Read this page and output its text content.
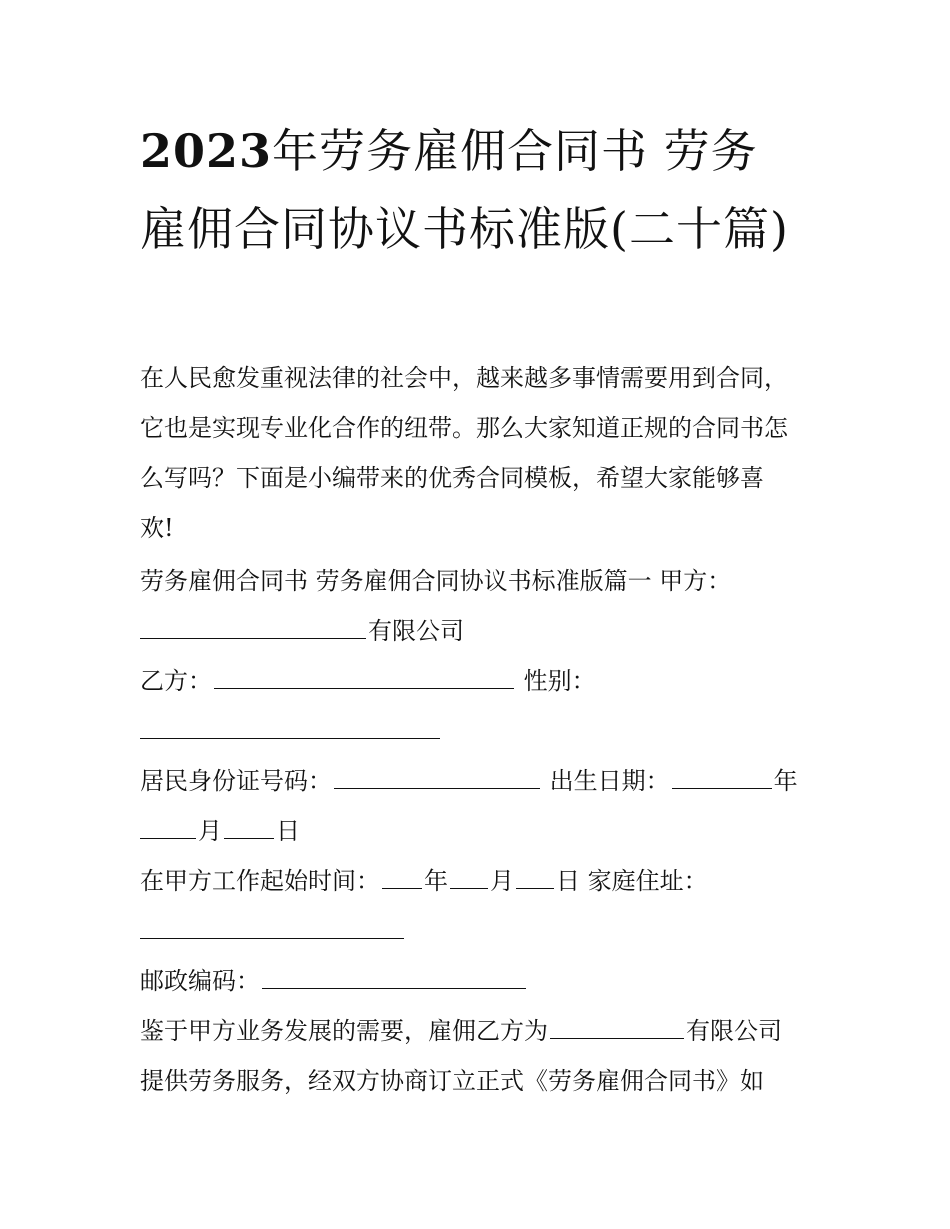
2023年劳务雇佣合同书 劳务雇佣合同协议书标准版(二十篇)

在人民愈发重视法律的社会中，越来越多事情需要用到合同，

它也是实现专业化合作的纽带。那么大家知道正规的合同书怎

么写吗？下面是小编带来的优秀合同模板，希望大家能够喜

欢!

劳务雇佣合同书 劳务雇佣合同协议书标准版篇一 甲方：

有限公司

乙方：	性别：

居民身份证号码：	出生日期：	年

月 日

在甲方工作起始时间： 年 月 日 家庭住址：

邮政编码：

鉴于甲方业务发展的需要，雇佣乙方为	有限公司

提供劳务服务，经双方协商订立正式《劳务雇佣合同书》如
